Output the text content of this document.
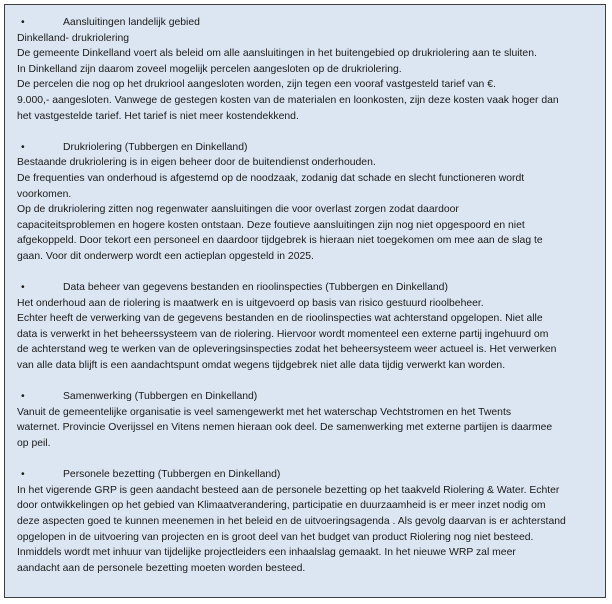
•	Aansluitingen landelijk gebied
Dinkelland- drukriolering
De gemeente Dinkelland voert als beleid om alle aansluitingen in het buitengebied op drukriolering aan te sluiten.
In Dinkelland zijn daarom zoveel mogelijk percelen aangesloten op de drukriolering.
De percelen die nog op het drukriool aangesloten worden, zijn tegen een vooraf vastgesteld tarief van €.
9.000,- aangesloten. Vanwege de gestegen kosten van de materialen en loonkosten, zijn deze kosten vaak hoger dan
het vastgestelde tarief. Het tarief is niet meer kostendekkend.
•	Drukriolering (Tubbergen en Dinkelland)
Bestaande drukriolering is in eigen beheer door de buitendienst onderhouden.
De frequenties van onderhoud is afgestemd op de noodzaak, zodanig dat schade en slecht functioneren wordt
voorkomen.
Op de drukriolering zitten nog regenwater aansluitingen die voor overlast zorgen zodat daardoor
capaciteitsproblemen en hogere kosten ontstaan. Deze foutieve aansluitingen zijn nog niet opgespoord en niet
afgekoppeld. Door tekort een personeel en daardoor tijdgebrek is hieraan niet toegekomen om mee aan de slag te
gaan. Voor dit onderwerp wordt een actieplan opgesteld in 2025.
•	Data beheer van gegevens bestanden en rioolinspecties (Tubbergen en Dinkelland)
Het onderhoud aan de riolering is maatwerk en is uitgevoerd op basis van risico gestuurd rioolbeheer.
Echter heeft de verwerking van de gegevens bestanden en de rioolinspecties wat achterstand opgelopen. Niet alle
data is verwerkt in het beheerssysteem van de riolering. Hiervoor wordt momenteel een externe partij ingehuurd om
de achterstand weg te werken van de opleveringsinspecties zodat het beheersysteem weer actueel is. Het verwerken
van alle data blijft is een aandachtspunt omdat wegens tijdgebrek niet alle data tijdig verwerkt kan worden.
•	Samenwerking (Tubbergen en Dinkelland)
Vanuit de gemeentelijke organisatie is veel samengewerkt met het waterschap Vechtstromen en het Twents
waternet. Provincie Overijssel en Vitens nemen hieraan ook deel. De samenwerking met externe partijen is daarmee
op peil.
•	Personele bezetting (Tubbergen en Dinkelland)
In het vigerende GRP is geen aandacht besteed aan de personele bezetting op het taakveld Riolering & Water. Echter
door ontwikkelingen op het gebied van Klimaatverandering, participatie en duurzaamheid is er meer inzet nodig om
deze aspecten goed te kunnen meenemen in het beleid en de uitvoeringsagenda . Als gevolg daarvan is er achterstand
opgelopen in de uitvoering van projecten en is groot deel van het budget van product Riolering nog niet besteed.
Inmiddels wordt met inhuur van tijdelijke projectleiders een inhaalslag gemaakt. In het nieuwe WRP zal meer
aandacht aan de personele bezetting moeten worden besteed.
